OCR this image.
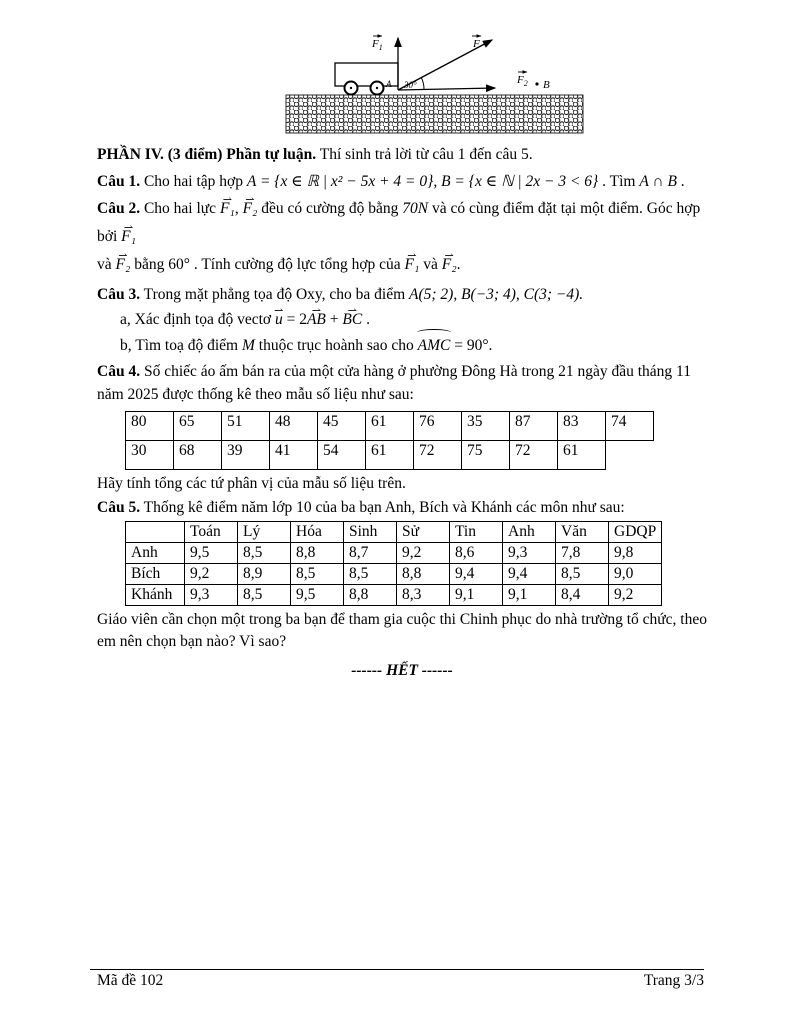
30°
$F_1$	F
$F_2$
A	B

PHẦN IV. (3 điểm) Phần tự luận. Thí sinh trả lời từ câu 1 đến câu 5.

Câu 1. Cho hai tập hợp A = {x ∈ ℝ | x² − 5x + 4 = 0}, B = {x ∈ ℕ | 2x − 3 < 6} . Tìm A ∩ B .

Câu 2. Cho hai lực F₁ ⇀, F₂ ⇀ đều có cường độ bằng 70N và có cùng điểm đặt tại một điểm. Góc hợp bởi F₁ ⇀
và F₂ ⇀ bằng 60° . Tính cường độ lực tổng hợp của F₁ ⇀ và F₂ ⇀.

Câu 3. Trong mặt phẳng tọa độ Oxy, cho ba điểm A(5; 2), B(−3; 4), C(3; −4).

a, Xác định tọa độ vectơ u ⇀ = 2AB ⇀ + BC ⇀ .

b, Tìm toạ độ điểm M thuộc trục hoành sao cho AMC = 90°.

Câu 4. Số chiếc áo ấm bán ra của một cửa hàng ở phường Đông Hà trong 21 ngày đầu tháng 11 năm 2025 được thống kê theo mẫu số liệu như sau:

80	65	51	48	45	61	76	35	87	83	74
30	68	39	41	54	61	72	75	72	61	

Hãy tính tổng các tứ phân vị của mẫu số liệu trên.

Câu 5. Thống kê điểm năm lớp 10 của ba bạn Anh, Bích và Khánh các môn như sau:

	Toán	Lý	Hóa	Sinh	Sử	Tin	Anh	Văn	GDQP
Anh	9,5	8,5	8,8	8,7	9,2	8,6	9,3	7,8	9,8
Bích	9,2	8,9	8,5	8,5	8,8	9,4	9,4	8,5	9,0
Khánh	9,3	8,5	9,5	8,8	8,3	9,1	9,1	8,4	9,2

Giáo viên cần chọn một trong ba bạn để tham gia cuộc thi Chinh phục do nhà trường tổ chức, theo em nên chọn bạn nào? Vì sao?

------ HẾT ------

Mã đề 102	Trang 3/3
